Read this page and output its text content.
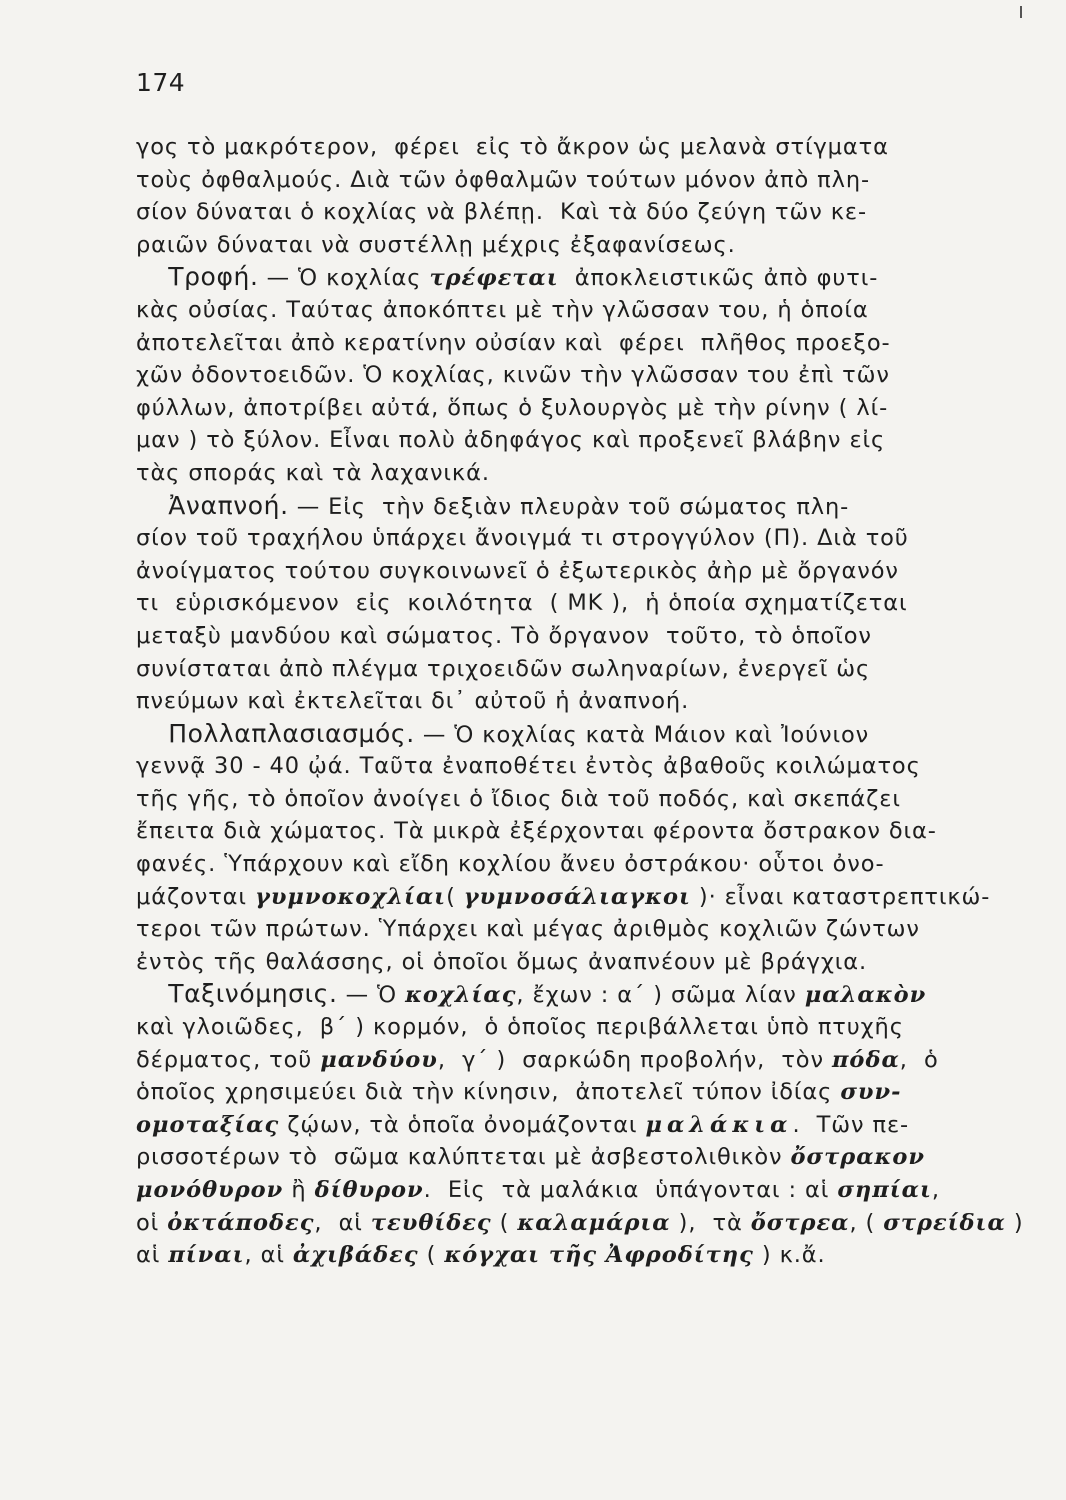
174
γος τὸ μακρότερον,  φέρει  εἰς τὸ ἄκρον ὡς μελανὰ στίγματα
τοὺς ὀφθαλμούς. Διὰ τῶν ὀφθαλμῶν τούτων μόνον ἀπὸ πλη-
σίον δύναται ὁ κοχλίας νὰ βλέπῃ.  Καὶ τὰ δύο ζεύγη τῶν κε-
ραιῶν δύναται νὰ συστέλλῃ μέχρις ἐξαφανίσεως.
Τροφή. — Ὁ κοχλίας τρέφεται  ἀποκλειστικῶς ἀπὸ φυτι-
κὰς οὐσίας. Ταύτας ἀποκόπτει μὲ τὴν γλῶσσαν του, ἡ ὁποία
ἀποτελεῖται ἀπὸ κερατίνην οὐσίαν καὶ  φέρει  πλῆθος προεξο-
χῶν ὀδοντοειδῶν. Ὁ κοχλίας, κινῶν τὴν γλῶσσαν του ἐπὶ τῶν
φύλλων, ἀποτρίβει αὐτά, ὅπως ὁ ξυλουργὸς μὲ τὴν ρίνην ( λί-
μαν ) τὸ ξύλον. Εἶναι πολὺ ἀδηφάγος καὶ προξενεῖ βλάβην εἰς
τὰς σποράς καὶ τὰ λαχανικά.
Ἀναπνοή. — Εἰς  τὴν δεξιὰν πλευρὰν τοῦ σώματος πλη-
σίον τοῦ τραχήλου ὑπάρχει ἄνοιγμά τι στρογγύλον (Π). Διὰ τοῦ
ἀνοίγματος τούτου συγκοινωνεῖ ὁ ἐξωτερικὸς ἀὴρ μὲ ὄργανόν
τι  εὑρισκόμενον  εἰς  κοιλότητα  ( ΜΚ ),  ἡ ὁποία σχηματίζεται
μεταξὺ μανδύου καὶ σώματος. Τὸ ὄργανον  τοῦτο, τὸ ὁποῖον
συνίσταται ἀπὸ πλέγμα τριχοειδῶν σωληναρίων, ἐνεργεῖ ὡς
πνεύμων καὶ ἐκτελεῖται δι᾽ αὐτοῦ ἡ ἀναπνοή.
Πολλαπλασιασμός. — Ὁ κοχλίας κατὰ Μάιον καὶ Ἰούνιον
γεννᾷ 30 - 40 ᾠά. Ταῦτα ἐναποθέτει ἐντὸς ἀβαθοῦς κοιλώματος
τῆς γῆς, τὸ ὁποῖον ἀνοίγει ὁ ἴδιος διὰ τοῦ ποδός, καὶ σκεπάζει
ἔπειτα διὰ χώματος. Τὰ μικρὰ ἐξέρχονται φέροντα ὄστρακον δια-
φανές. Ὑπάρχουν καὶ εἴδη κοχλίου ἄνευ ὀστράκου· οὗτοι ὀνο-
μάζονται γυμνοκοχλίαι( γυμνοσάλιαγκοι )· εἶναι καταστρεπτικώ-
τεροι τῶν πρώτων. Ὑπάρχει καὶ μέγας ἀριθμὸς κοχλιῶν ζώντων
ἐντὸς τῆς θαλάσσης, οἱ ὁποῖοι ὅμως ἀναπνέουν μὲ βράγχια.
Ταξινόμησις. — Ὁ κοχλίας, ἔχων : α΄ ) σῶμα λίαν μαλακὸν
καὶ γλοιῶδες,  β΄ ) κορμόν,  ὁ ὁποῖος περιβάλλεται ὑπὸ πτυχῆς
δέρματος, τοῦ μανδύου,  γ΄ )  σαρκώδη προβολήν,  τὸν πόδα,  ὁ
ὁποῖος χρησιμεύει διὰ τὴν κίνησιν,  ἀποτελεῖ τύπον ἰδίας συν-
ομοταξίας ζῴων, τὰ ὁποῖα ὀνομάζονται μαλάκια.  Τῶν πε-
ρισσοτέρων τὸ  σῶμα καλύπτεται μὲ ἀσβεστολιθικὸν ὄστρακον
μονόθυρον ἢ δίθυρον.  Εἰς  τὰ μαλάκια  ὑπάγονται : αἱ σηπίαι,
οἱ ὀκτάποδες,  αἱ τευθίδες ( καλαμάρια ),  τὰ ὄστρεα, ( στρείδια )
αἱ πίναι, αἱ ἀχιβάδες ( κόγχαι τῆς Ἀφροδίτης ) κ.ἄ.
